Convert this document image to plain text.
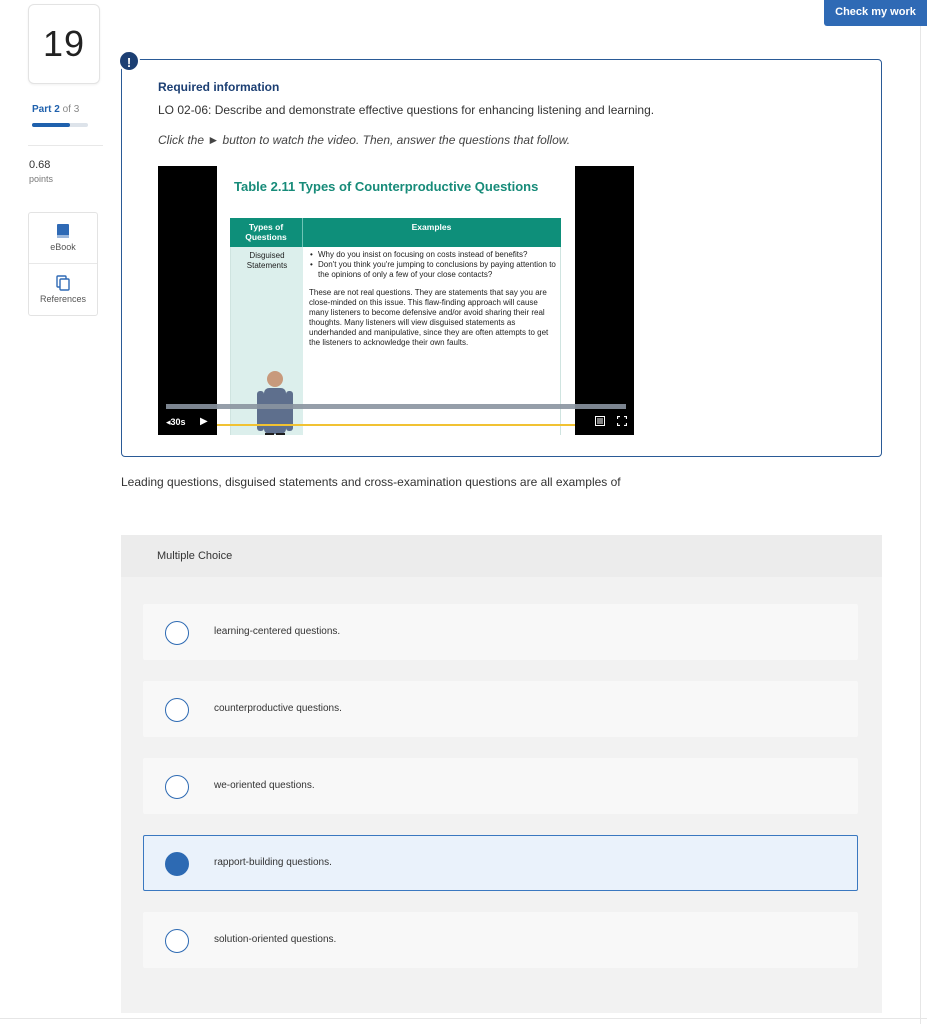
19
Part 2 of 3
0.68
points
eBook
References
Check my work
!
Required information
LO 02-06: Describe and demonstrate effective questions for enhancing listening and learning.
Click the ► button to watch the video. Then, answer the questions that follow.
Table 2.11 Types of Counterproductive Questions
Types of Questions
Examples
Disguised Statements
• Why do you insist on focusing on costs instead of benefits?
• Don't you think you're jumping to conclusions by paying attention to the opinions of only a few of your close contacts?
These are not real questions. They are statements that say you are close-minded on this issue. This flaw-finding approach will cause many listeners to become defensive and/or avoid sharing their real thoughts. Many listeners will view disguised statements as underhanded and manipulative, since they are often attempts to get the listeners to acknowledge their own faults.
◂30s ▶
Leading questions, disguised statements and cross-examination questions are all examples of
Multiple Choice
learning-centered questions.
counterproductive questions.
we-oriented questions.
rapport-building questions.
solution-oriented questions.
